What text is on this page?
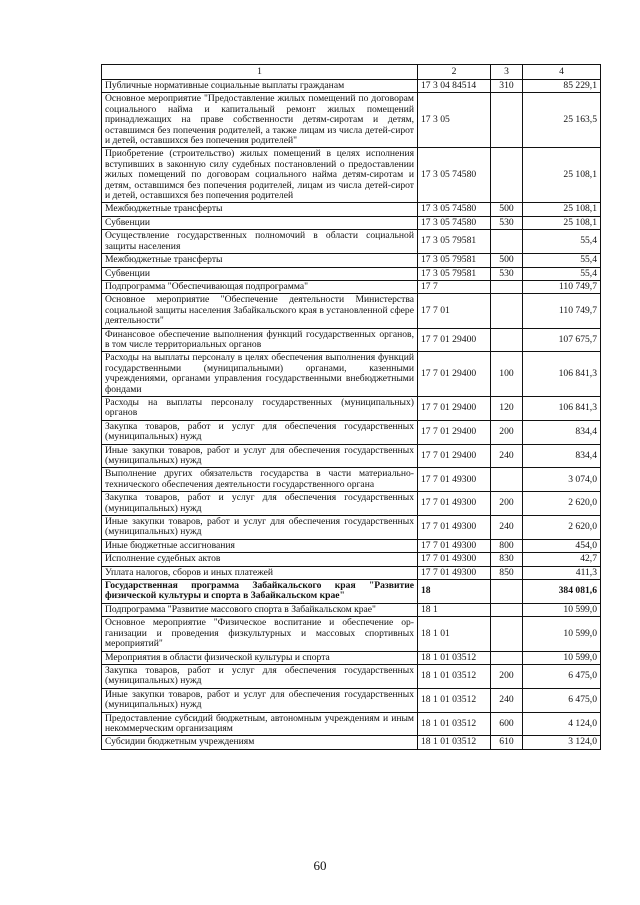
1	2	3	4
Публичные нормативные социальные выплаты гражданам	17 3 04 84514	310	85 229,1
Основное мероприятие "Предоставление жилых помещений по договорам социального найма и капитальный ремонт жилых помещений принадлежащих на праве собственности детям-сиротам и детям, оставшимся без попечения родителей, а также лицам из числа детей-сирот и детей, оставшихся без попечения родителей"	17 3 05		25 163,5
Приобретение (строительство) жилых помещений в целях исполнения вступивших в законную силу судебных постановлений о предоставлении жилых помещений по договорам социального найма детям-сиротам и детям, оставшимся без попечения родителей, лицам из числа детей-сирот и детей, оставшихся без попечения родителей	17 3 05 74580		25 108,1
Межбюджетные трансферты	17 3 05 74580	500	25 108,1
Субвенции	17 3 05 74580	530	25 108,1
Осуществление государственных полномочий в области социальной защиты населения	17 3 05 79581		55,4
Межбюджетные трансферты	17 3 05 79581	500	55,4
Субвенции	17 3 05 79581	530	55,4
Подпрограмма "Обеспечивающая подпрограмма"	17 7		110 749,7
Основное мероприятие "Обеспечение деятельности Министерства социальной защиты населения Забайкальского края в установленной сфере деятельности"	17 7 01		110 749,7
Финансовое обеспечение выполнения функций государственных органов, в том числе территориальных органов	17 7 01 29400		107 675,7
Расходы на выплаты персоналу в целях обеспечения выполнения функций государственными (муниципальными) органами, казенными учреждениями, органами управления государственными внебюджетными фондами	17 7 01 29400	100	106 841,3
Расходы на выплаты персоналу государственных (муниципальных) органов	17 7 01 29400	120	106 841,3
Закупка товаров, работ и услуг для обеспечения государственных (муниципальных) нужд	17 7 01 29400	200	834,4
Иные закупки товаров, работ и услуг для обеспечения государственных (муниципальных) нужд	17 7 01 29400	240	834,4
Выполнение других обязательств государства в части материально-технического обеспечения деятельности государственного органа	17 7 01 49300		3 074,0
Закупка товаров, работ и услуг для обеспечения государственных (муниципальных) нужд	17 7 01 49300	200	2 620,0
Иные закупки товаров, работ и услуг для обеспечения государственных (муниципальных) нужд	17 7 01 49300	240	2 620,0
Иные бюджетные ассигнования	17 7 01 49300	800	454,0
Исполнение судебных актов	17 7 01 49300	830	42,7
Уплата налогов, сборов и иных платежей	17 7 01 49300	850	411,3
Государственная программа Забайкальского края "Развитие физической культуры и спорта в Забайкальском крае"	18		384 081,6
Подпрограмма "Развитие массового спорта в Забайкальском крае"	18 1		10 599,0
Основное мероприятие "Физическое воспитание и обеспечение организации и проведения физкультурных и массовых спортивных мероприятий"	18 1 01		10 599,0
Мероприятия в области физической культуры и спорта	18 1 01 03512		10 599,0
Закупка товаров, работ и услуг для обеспечения государственных (муниципальных) нужд	18 1 01 03512	200	6 475,0
Иные закупки товаров, работ и услуг для обеспечения государственных (муниципальных) нужд	18 1 01 03512	240	6 475,0
Предоставление субсидий бюджетным, автономным учреждениям и иным некоммерческим организациям	18 1 01 03512	600	4 124,0
Субсидии бюджетным учреждениям	18 1 01 03512	610	3 124,0
60
